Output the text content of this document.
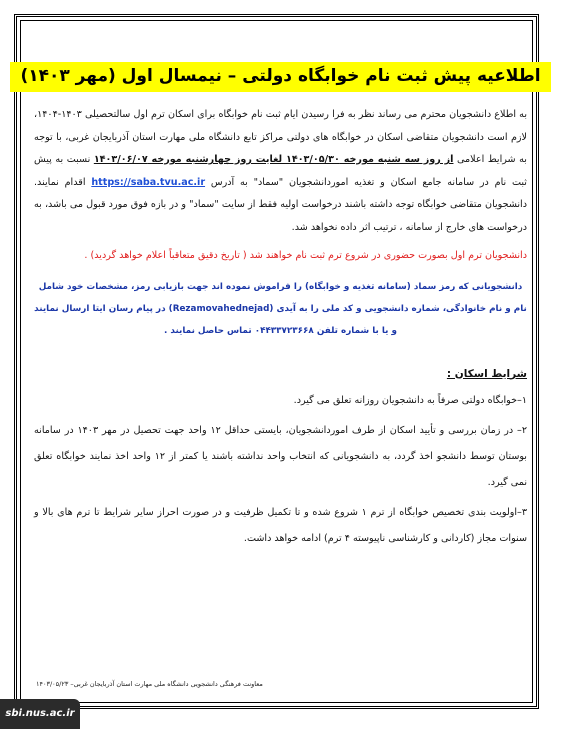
اطلاعیه پیش ثبت نام خوابگاه دولتی – نیمسال اول (مهر ۱۴۰۳)

به اطلاع دانشجویان محترم می رساند نظر به فرا رسیدن ایام ثبت نام خوابگاه برای اسکان ترم اول سالتحصیلی ۱۴۰۳-۱۴۰۴، لازم است دانشجویان متقاضی اسکان در خوابگاه های دولتی مراکز تابع دانشگاه ملی مهارت استان آذربایجان غربی، با توجه به شرایط اعلامی از روز سه شنبه مورخه ۱۴۰۳/۰۵/۳۰ لغایت روز چهارشنبه مورخه ۱۴۰۳/۰۶/۰۷ نسبت به پیش ثبت نام در سامانه جامع اسکان و تغذیه اموردانشجویان "سماد" به آدرس https://saba.tvu.ac.ir اقدام نمایند. دانشجویان متقاضی خوابگاه توجه داشته باشند درخواست اولیه فقط از سایت "سماد" و در بازه فوق مورد قبول می باشد، به درخواست های خارج از سامانه ، ترتیب اثر داده نخواهد شد.

دانشجویان ترم اول بصورت حضوری در شروع ترم ثبت نام خواهند شد ( تاریخ دقیق متعاقباً اعلام خواهد گردید) .

دانشجویانی که رمز سماد (سامانه تغذیه و خوابگاه) را فراموش نموده اند جهت بازیابی رمز، مشخصات خود شامل نام و نام خانوادگی، شماره دانشجویی و کد ملی را به آیدی (Rezamovahednejad) در پیام رسان ایتا ارسال نمایند و یا با شماره تلفن ۰۴۴۳۳۷۲۳۶۶۸ تماس حاصل نمایند .

شرایط اسکان :

۱–خوابگاه دولتی صرفاً به دانشجویان روزانه تعلق می گیرد.

۲– در زمان بررسی و تأیید اسکان از طرف اموردانشجویان، بایستی حداقل ۱۲ واحد جهت تحصیل در مهر ۱۴۰۳ در سامانه بوستان توسط دانشجو اخذ گردد، به دانشجویانی که انتخاب واحد نداشته باشند یا کمتر از ۱۲ واحد اخذ نمایند خوابگاه تعلق نمی گیرد.

۳–اولویت بندی تخصیص خوابگاه از ترم ۱ شروع شده و تا تکمیل ظرفیت و در صورت احراز سایر شرایط تا ترم های بالا و سنوات مجاز (کاردانی و کارشناسی ناپیوسته ۴ ترم) ادامه خواهد داشت.

معاونت فرهنگی دانشجویی دانشگاه ملی مهارت استان آذربایجان غربی– ۱۴۰۳/۰۵/۲۳
sbi.nus.ac.ir
